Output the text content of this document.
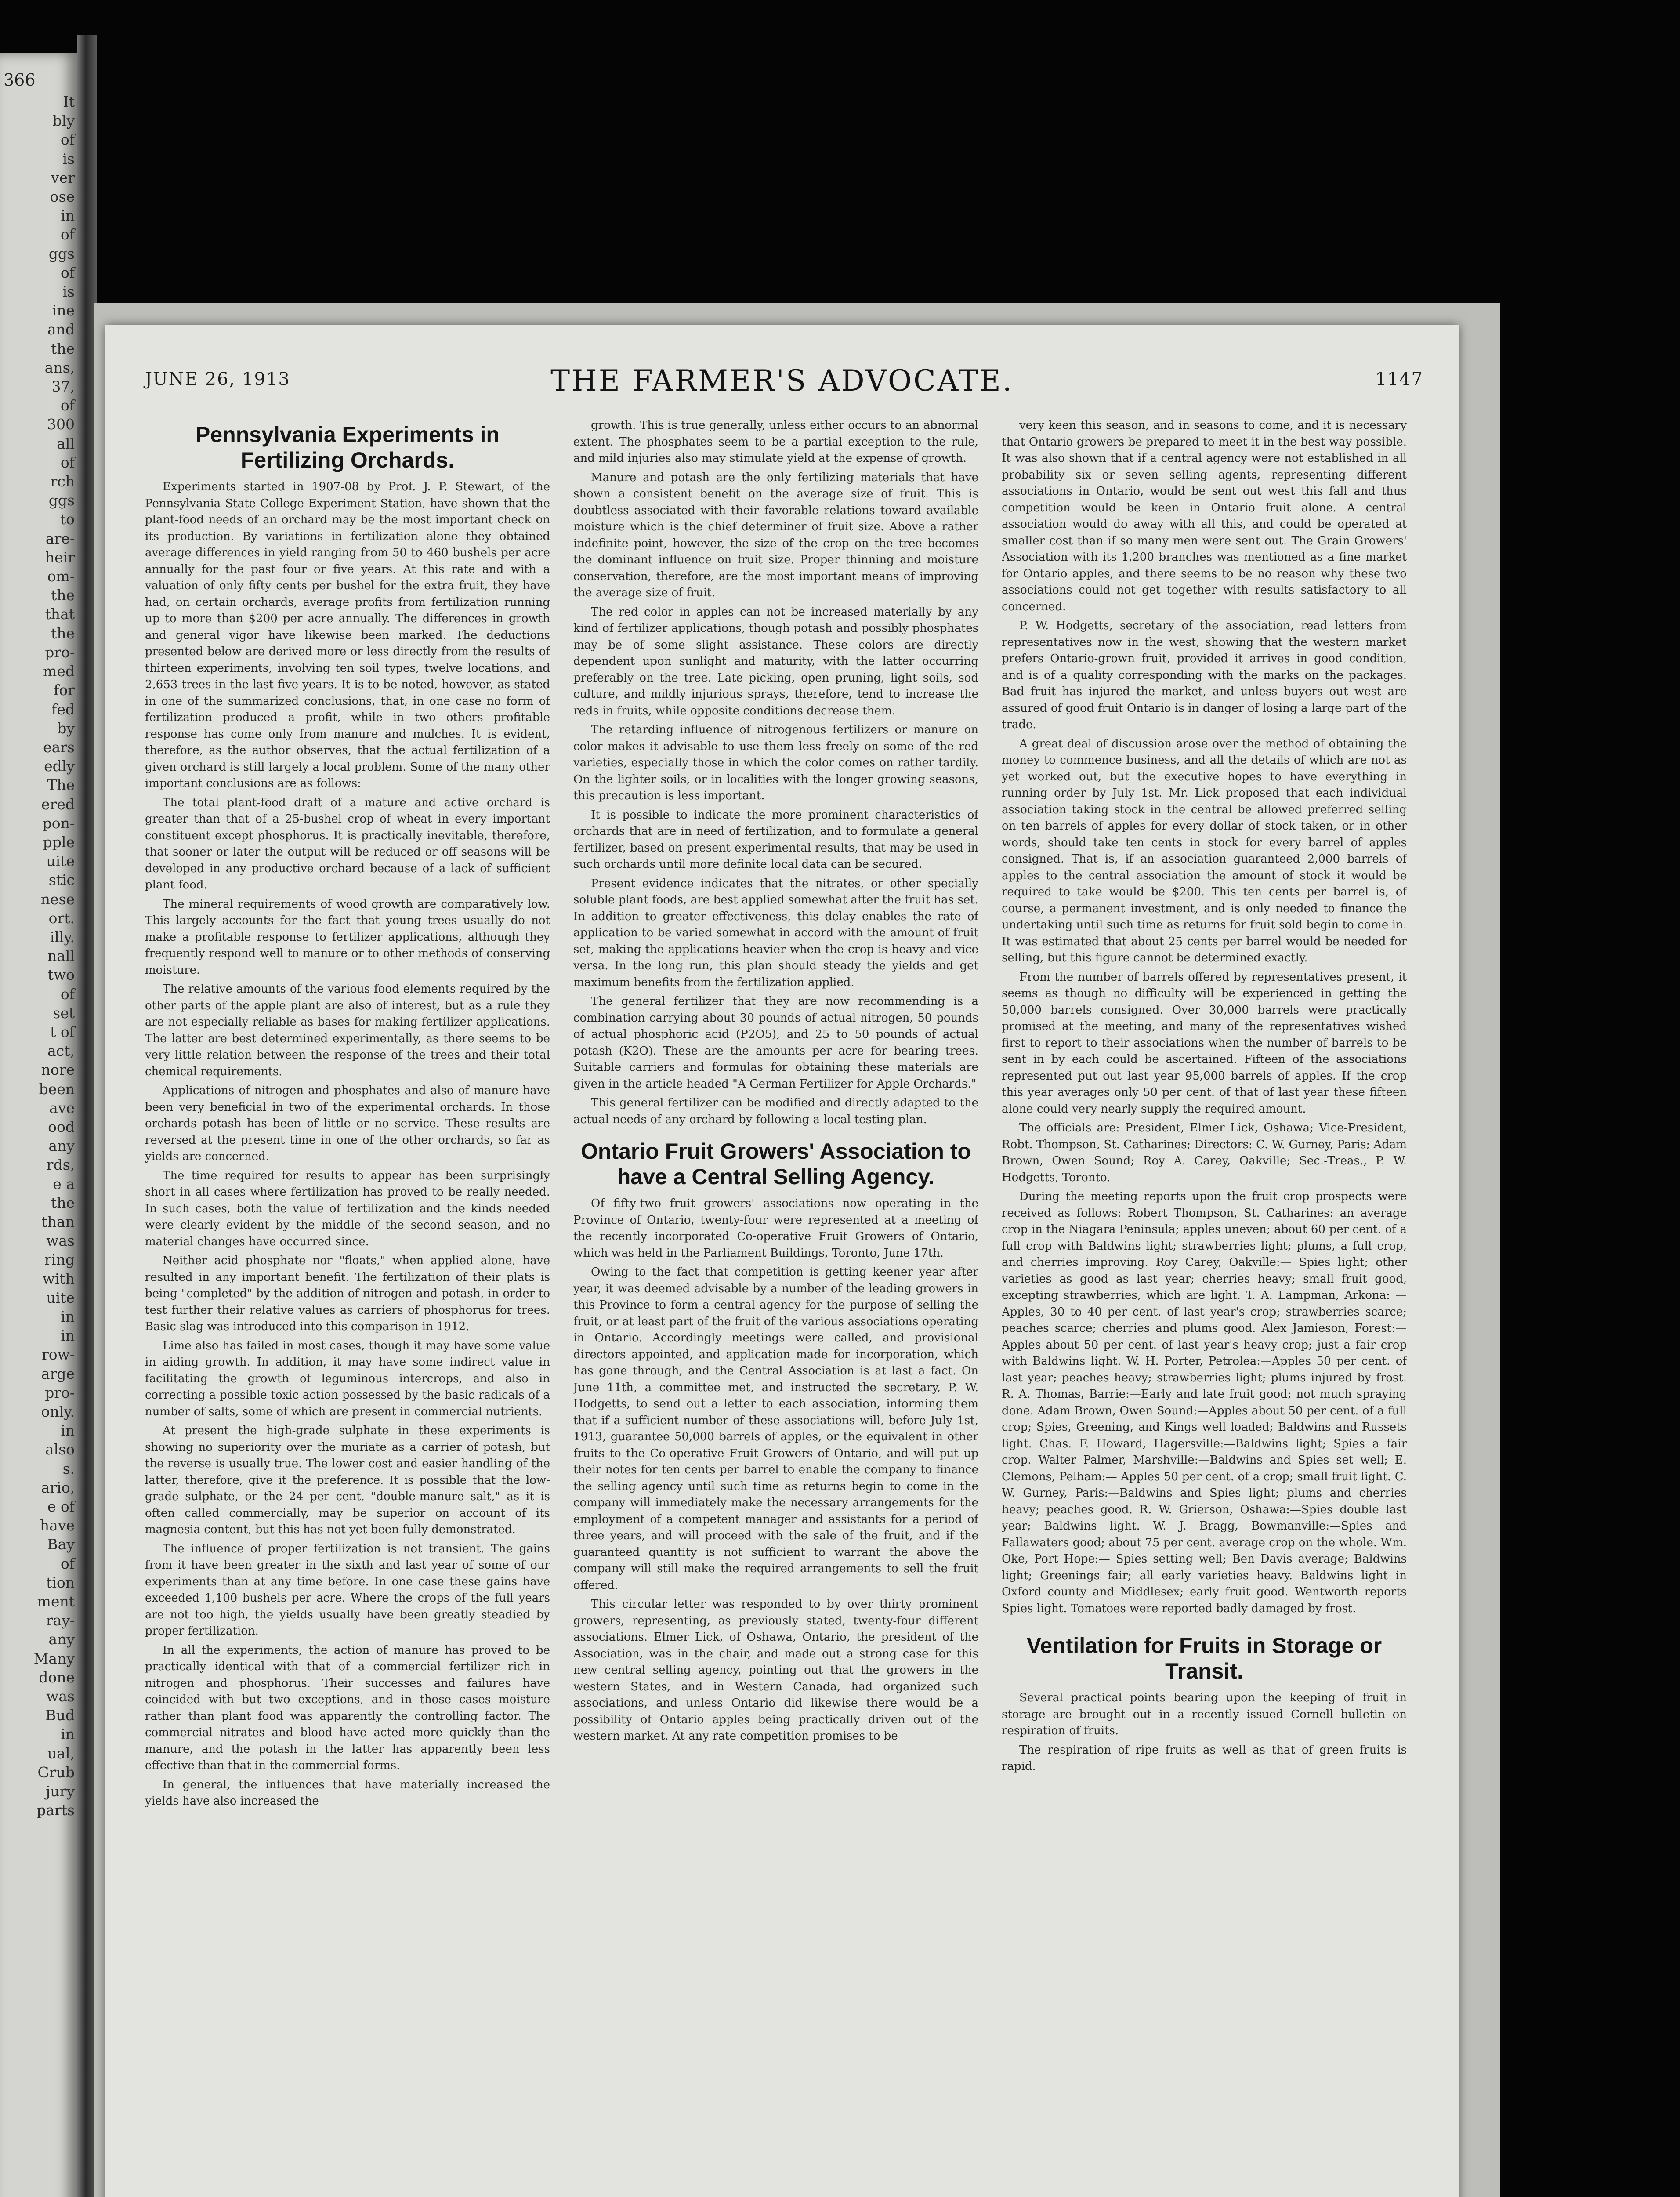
366
It
bly
of
is
ver
ose
in
of
ggs
of
is
ine
and
the
ans,
37,
of
300
all
of
rch
ggs
to
are-
heir
om-
the
that
the
pro-
med
for
fed
by
ears
edly
The
ered
pon-
pple
uite
stic
nese
ort.
illy.
nall
two
of
set
t of
act,
nore
been
ave
ood
any
rds,
e a
the
than
was
ring
with
uite
in
in
row-
arge
pro-
only.
in
also
s.
ario,
e of
have
Bay
of
tion
ment
ray-
any
Many
done
was
Bud
in
ual,
Grub
jury
parts
JUNE 26, 1913	THE FARMER'S ADVOCATE.	1147
Pennsylvania Experiments in Fertilizing Orchards.

Experiments started in 1907-08 by Prof. J. P. Stewart, of the Pennsylvania State College Experiment Station, have shown that the plant-food needs of an orchard may be the most important check on its production. By variations in fertilization alone they obtained average differences in yield ranging from 50 to 460 bushels per acre annually for the past four or five years. At this rate and with a valuation of only fifty cents per bushel for the extra fruit, they have had, on certain orchards, average profits from fertilization running up to more than $200 per acre annually. The differences in growth and general vigor have likewise been marked. The deductions presented below are derived more or less directly from the results of thirteen experiments, involving ten soil types, twelve locations, and 2,653 trees in the last five years. It is to be noted, however, as stated in one of the summarized conclusions, that, in one case no form of fertilization produced a profit, while in two others profitable response has come only from manure and mulches. It is evident, therefore, as the author observes, that the actual fertilization of a given orchard is still largely a local problem. Some of the many other important conclusions are as follows:

The total plant-food draft of a mature and active orchard is greater than that of a 25-bushel crop of wheat in every important constituent except phosphorus. It is practically inevitable, therefore, that sooner or later the output will be reduced or off seasons will be developed in any productive orchard because of a lack of sufficient plant food.

The mineral requirements of wood growth are comparatively low. This largely accounts for the fact that young trees usually do not make a profitable response to fertilizer applications, although they frequently respond well to manure or to other methods of conserving moisture.

The relative amounts of the various food elements required by the other parts of the apple plant are also of interest, but as a rule they are not especially reliable as bases for making fertilizer applications. The latter are best determined experimentally, as there seems to be very little relation between the response of the trees and their total chemical requirements.

Applications of nitrogen and phosphates and also of manure have been very beneficial in two of the experimental orchards. In those orchards potash has been of little or no service. These results are reversed at the present time in one of the other orchards, so far as yields are concerned.

The time required for results to appear has been surprisingly short in all cases where fertilization has proved to be really needed. In such cases, both the value of fertilization and the kinds needed were clearly evident by the middle of the second season, and no material changes have occurred since.

Neither acid phosphate nor "floats," when applied alone, have resulted in any important benefit. The fertilization of their plats is being "completed" by the addition of nitrogen and potash, in order to test further their relative values as carriers of phosphorus for trees. Basic slag was introduced into this comparison in 1912.

Lime also has failed in most cases, though it may have some value in aiding growth. In addition, it may have some indirect value in facilitating the growth of leguminous intercrops, and also in correcting a possible toxic action possessed by the basic radicals of a number of salts, some of which are present in commercial nutrients.

At present the high-grade sulphate in these experiments is showing no superiority over the muriate as a carrier of potash, but the reverse is usually true. The lower cost and easier handling of the latter, therefore, give it the preference. It is possible that the low-grade sulphate, or the 24 per cent. "double-manure salt," as it is often called commercially, may be superior on account of its magnesia content, but this has not yet been fully demonstrated.

The influence of proper fertilization is not transient. The gains from it have been greater in the sixth and last year of some of our experiments than at any time before. In one case these gains have exceeded 1,100 bushels per acre. Where the crops of the full years are not too high, the yields usually have been greatly steadied by proper fertilization.

In all the experiments, the action of manure has proved to be practically identical with that of a commercial fertilizer rich in nitrogen and phosphorus. Their successes and failures have coincided with but two exceptions, and in those cases moisture rather than plant food was apparently the controlling factor. The commercial nitrates and blood have acted more quickly than the manure, and the potash in the latter has apparently been less effective than that in the commercial forms.

In general, the influences that have materially increased the yields have also increased the

growth. This is true generally, unless either occurs to an abnormal extent. The phosphates seem to be a partial exception to the rule, and mild injuries also may stimulate yield at the expense of growth.

Manure and potash are the only fertilizing materials that have shown a consistent benefit on the average size of fruit. This is doubtless associated with their favorable relations toward available moisture which is the chief determiner of fruit size. Above a rather indefinite point, however, the size of the crop on the tree becomes the dominant influence on fruit size. Proper thinning and moisture conservation, therefore, are the most important means of improving the average size of fruit.

The red color in apples can not be increased materially by any kind of fertilizer applications, though potash and possibly phosphates may be of some slight assistance. These colors are directly dependent upon sunlight and maturity, with the latter occurring preferably on the tree. Late picking, open pruning, light soils, sod culture, and mildly injurious sprays, therefore, tend to increase the reds in fruits, while opposite conditions decrease them.

The retarding influence of nitrogenous fertilizers or manure on color makes it advisable to use them less freely on some of the red varieties, especially those in which the color comes on rather tardily. On the lighter soils, or in localities with the longer growing seasons, this precaution is less important.

It is possible to indicate the more prominent characteristics of orchards that are in need of fertilization, and to formulate a general fertilizer, based on present experimental results, that may be used in such orchards until more definite local data can be secured.

Present evidence indicates that the nitrates, or other specially soluble plant foods, are best applied somewhat after the fruit has set. In addition to greater effectiveness, this delay enables the rate of application to be varied somewhat in accord with the amount of fruit set, making the applications heavier when the crop is heavy and vice versa. In the long run, this plan should steady the yields and get maximum benefits from the fertilization applied.

The general fertilizer that they are now recommending is a combination carrying about 30 pounds of actual nitrogen, 50 pounds of actual phosphoric acid (P2O5), and 25 to 50 pounds of actual potash (K2O). These are the amounts per acre for bearing trees. Suitable carriers and formulas for obtaining these materials are given in the article headed "A German Fertilizer for Apple Orchards."

This general fertilizer can be modified and directly adapted to the actual needs of any orchard by following a local testing plan.

Ontario Fruit Growers' Association to have a Central Selling Agency.

Of fifty-two fruit growers' associations now operating in the Province of Ontario, twenty-four were represented at a meeting of the recently incorporated Co-operative Fruit Growers of Ontario, which was held in the Parliament Buildings, Toronto, June 17th.

Owing to the fact that competition is getting keener year after year, it was deemed advisable by a number of the leading growers in this Province to form a central agency for the purpose of selling the fruit, or at least part of the fruit of the various associations operating in Ontario. Accordingly meetings were called, and provisional directors appointed, and application made for incorporation, which has gone through, and the Central Association is at last a fact. On June 11th, a committee met, and instructed the secretary, P. W. Hodgetts, to send out a letter to each association, informing them that if a sufficient number of these associations will, before July 1st, 1913, guarantee 50,000 barrels of apples, or the equivalent in other fruits to the Co-operative Fruit Growers of Ontario, and will put up their notes for ten cents per barrel to enable the company to finance the selling agency until such time as returns begin to come in the company will immediately make the necessary arrangements for the employment of a competent manager and assistants for a period of three years, and will proceed with the sale of the fruit, and if the guaranteed quantity is not sufficient to warrant the above the company will still make the required arrangements to sell the fruit offered.

This circular letter was responded to by over thirty prominent growers, representing, as previously stated, twenty-four different associations. Elmer Lick, of Oshawa, Ontario, the president of the Association, was in the chair, and made out a strong case for this new central selling agency, pointing out that the growers in the western States, and in Western Canada, had organized such associations, and unless Ontario did likewise there would be a possibility of Ontario apples being practically driven out of the western market. At any rate competition promises to be

very keen this season, and in seasons to come, and it is necessary that Ontario growers be prepared to meet it in the best way possible. It was also shown that if a central agency were not established in all probability six or seven selling agents, representing different associations in Ontario, would be sent out west this fall and thus competition would be keen in Ontario fruit alone. A central association would do away with all this, and could be operated at smaller cost than if so many men were sent out. The Grain Growers' Association with its 1,200 branches was mentioned as a fine market for Ontario apples, and there seems to be no reason why these two associations could not get together with results satisfactory to all concerned.

P. W. Hodgetts, secretary of the association, read letters from representatives now in the west, showing that the western market prefers Ontario-grown fruit, provided it arrives in good condition, and is of a quality corresponding with the marks on the packages. Bad fruit has injured the market, and unless buyers out west are assured of good fruit Ontario is in danger of losing a large part of the trade.

A great deal of discussion arose over the method of obtaining the money to commence business, and all the details of which are not as yet worked out, but the executive hopes to have everything in running order by July 1st. Mr. Lick proposed that each individual association taking stock in the central be allowed preferred selling on ten barrels of apples for every dollar of stock taken, or in other words, should take ten cents in stock for every barrel of apples consigned. That is, if an association guaranteed 2,000 barrels of apples to the central association the amount of stock it would be required to take would be $200. This ten cents per barrel is, of course, a permanent investment, and is only needed to finance the undertaking until such time as returns for fruit sold begin to come in. It was estimated that about 25 cents per barrel would be needed for selling, but this figure cannot be determined exactly.

From the number of barrels offered by representatives present, it seems as though no difficulty will be experienced in getting the 50,000 barrels consigned. Over 30,000 barrels were practically promised at the meeting, and many of the representatives wished first to report to their associations when the number of barrels to be sent in by each could be ascertained. Fifteen of the associations represented put out last year 95,000 barrels of apples. If the crop this year averages only 50 per cent. of that of last year these fifteen alone could very nearly supply the required amount.

The officials are: President, Elmer Lick, Oshawa; Vice-President, Robt. Thompson, St. Catharines; Directors: C. W. Gurney, Paris; Adam Brown, Owen Sound; Roy A. Carey, Oakville; Sec.-Treas., P. W. Hodgetts, Toronto.

During the meeting reports upon the fruit crop prospects were received as follows: Robert Thompson, St. Catharines: an average crop in the Niagara Peninsula; apples uneven; about 60 per cent. of a full crop with Baldwins light; strawberries light; plums, a full crop, and cherries improving. Roy Carey, Oakville:— Spies light; other varieties as good as last year; cherries heavy; small fruit good, excepting strawberries, which are light. T. A. Lampman, Arkona: —Apples, 30 to 40 per cent. of last year's crop; strawberries scarce; peaches scarce; cherries and plums good. Alex Jamieson, Forest:—Apples about 50 per cent. of last year's heavy crop; just a fair crop with Baldwins light. W. H. Porter, Petrolea:—Apples 50 per cent. of last year; peaches heavy; strawberries light; plums injured by frost. R. A. Thomas, Barrie:—Early and late fruit good; not much spraying done. Adam Brown, Owen Sound:—Apples about 50 per cent. of a full crop; Spies, Greening, and Kings well loaded; Baldwins and Russets light. Chas. F. Howard, Hagersville:—Baldwins light; Spies a fair crop. Walter Palmer, Marshville:—Baldwins and Spies set well; E. Clemons, Pelham:— Apples 50 per cent. of a crop; small fruit light. C. W. Gurney, Paris:—Baldwins and Spies light; plums and cherries heavy; peaches good. R. W. Grierson, Oshawa:—Spies double last year; Baldwins light. W. J. Bragg, Bowmanville:—Spies and Fallawaters good; about 75 per cent. average crop on the whole. Wm. Oke, Port Hope:— Spies setting well; Ben Davis average; Baldwins light; Greenings fair; all early varieties heavy. Baldwins light in Oxford county and Middlesex; early fruit good. Wentworth reports Spies light. Tomatoes were reported badly damaged by frost.

Ventilation for Fruits in Storage or Transit.

Several practical points bearing upon the keeping of fruit in storage are brought out in a recently issued Cornell bulletin on respiration of fruits.

The respiration of ripe fruits as well as that of green fruits is rapid.
